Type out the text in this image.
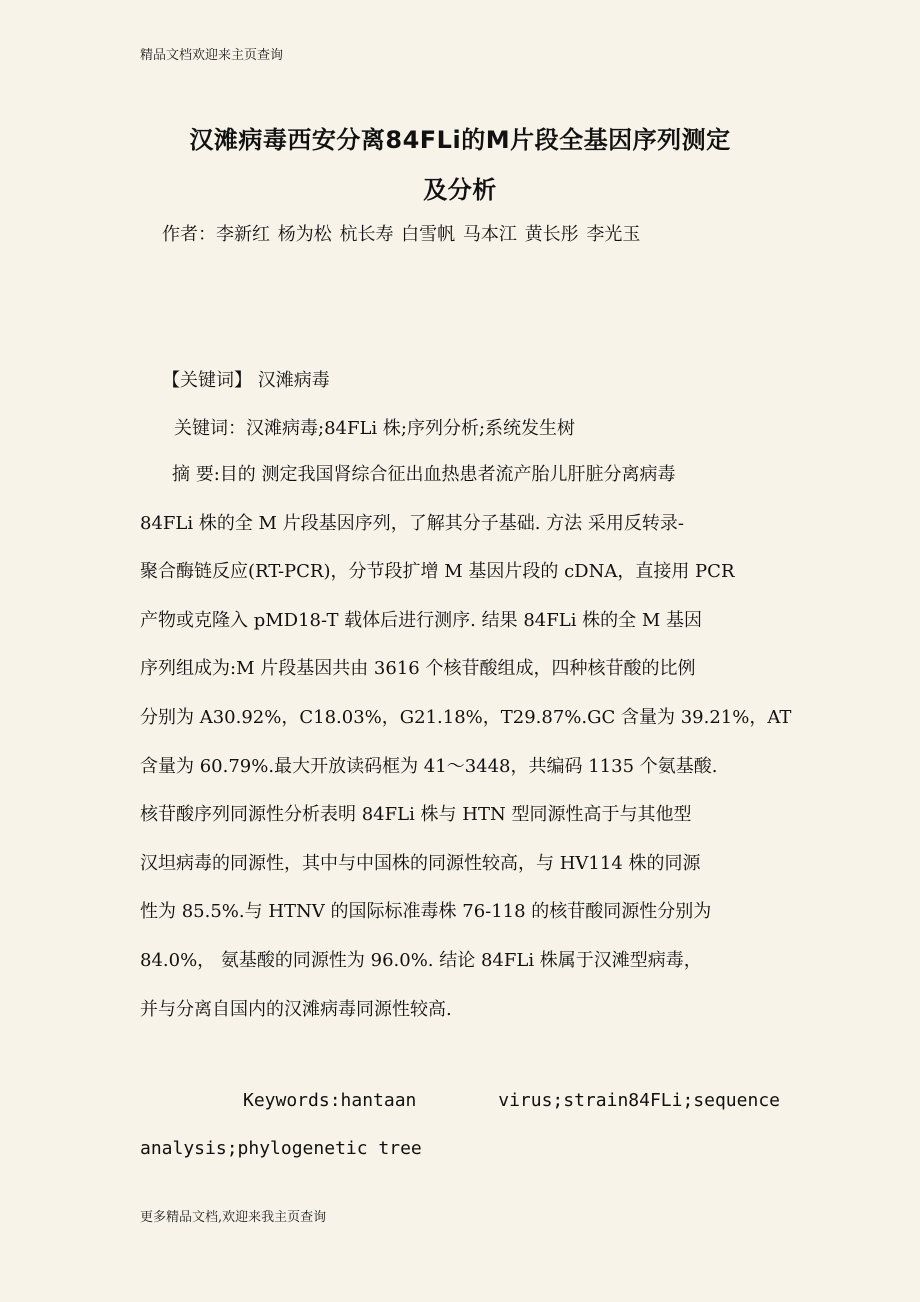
精品文档欢迎来主页查询
汉滩病毒西安分离84FLi的M片段全基因序列测定
及分析
作者：李新红 杨为松 杭长寿 白雪帆 马本江 黄长彤 李光玉
【关键词】 汉滩病毒
关键词：汉滩病毒;84FLi 株;序列分析;系统发生树
摘 要:目的 测定我国肾综合征出血热患者流产胎儿肝脏分离病毒
84FLi 株的全 M 片段基因序列，了解其分子基础. 方法 采用反转录-
聚合酶链反应(RT-PCR)，分节段扩增 M 基因片段的 cDNA，直接用 PCR
产物或克隆入 pMD18-T 载体后进行测序. 结果 84FLi 株的全 M 基因
序列组成为:M 片段基因共由 3616 个核苷酸组成，四种核苷酸的比例
分别为 A30.92%，C18.03%，G21.18%，T29.87%.GC 含量为 39.21%，AT
含量为 60.79%.最大开放读码框为 41～3448，共编码 1135 个氨基酸.
核苷酸序列同源性分析表明 84FLi 株与 HTN 型同源性高于与其他型
汉坦病毒的同源性，其中与中国株的同源性较高，与 HV114 株的同源
性为 85.5%.与 HTNV 的国际标准毒株 76-118 的核苷酸同源性分别为
84.0%， 氨基酸的同源性为 96.0%. 结论 84FLi 株属于汉滩型病毒，
并与分离自国内的汉滩病毒同源性较高.
Keywords:hantaan	virus;strain84FLi;sequence
analysis;phylogenetic tree
更多精品文档,欢迎来我主页查询
